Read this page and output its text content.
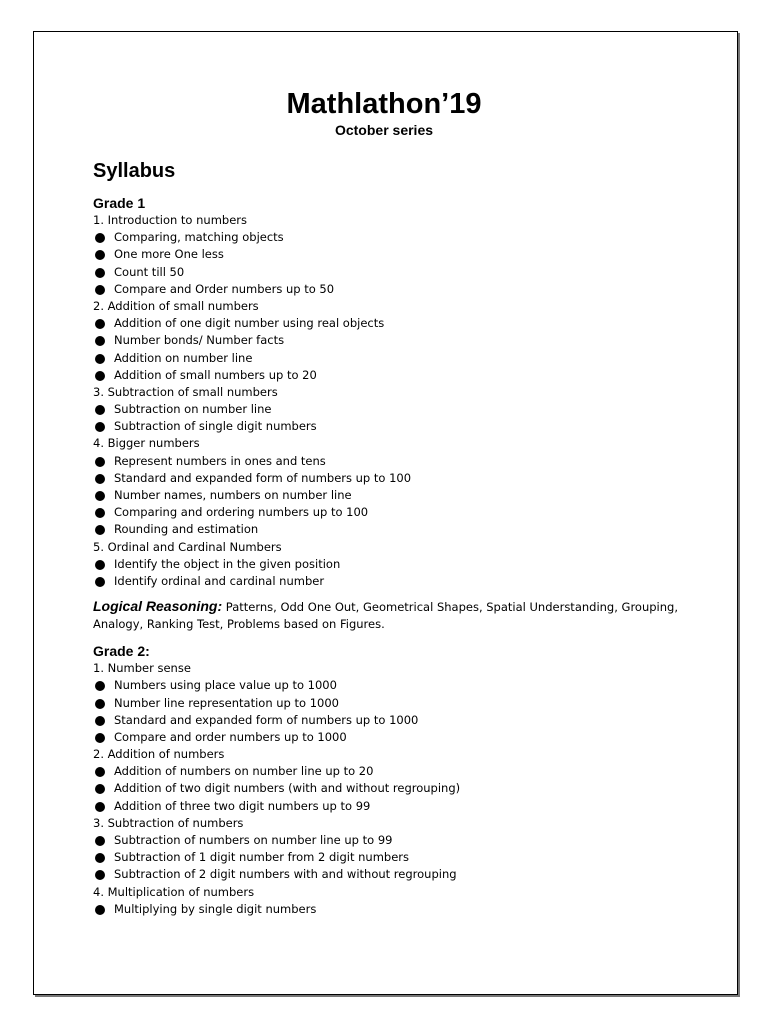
Mathlathon’19
October series
Syllabus
Grade 1
1. Introduction to numbers
Comparing, matching objects
One more One less
Count till 50
Compare and Order numbers up to 50
2. Addition of small numbers
Addition of one digit number using real objects
Number bonds/ Number facts
Addition on number line
Addition of small numbers up to 20
3. Subtraction of small numbers
Subtraction on number line
Subtraction of single digit numbers
4. Bigger numbers
Represent numbers in ones and tens
Standard and expanded form of numbers up to 100
Number names, numbers on number line
Comparing and ordering numbers up to 100
Rounding and estimation
5. Ordinal and Cardinal Numbers
Identify the object in the given position
Identify ordinal and cardinal number
Logical Reasoning: Patterns, Odd One Out, Geometrical Shapes, Spatial Understanding, Grouping, Analogy, Ranking Test, Problems based on Figures.
Grade 2:
1. Number sense
Numbers using place value up to 1000
Number line representation up to 1000
Standard and expanded form of numbers up to 1000
Compare and order numbers up to 1000
2. Addition of numbers
Addition of numbers on number line up to 20
Addition of two digit numbers (with and without regrouping)
Addition of three two digit numbers up to 99
3. Subtraction of numbers
Subtraction of numbers on number line up to 99
Subtraction of 1 digit number from 2 digit numbers
Subtraction of 2 digit numbers with and without regrouping
4. Multiplication of numbers
Multiplying by single digit numbers
